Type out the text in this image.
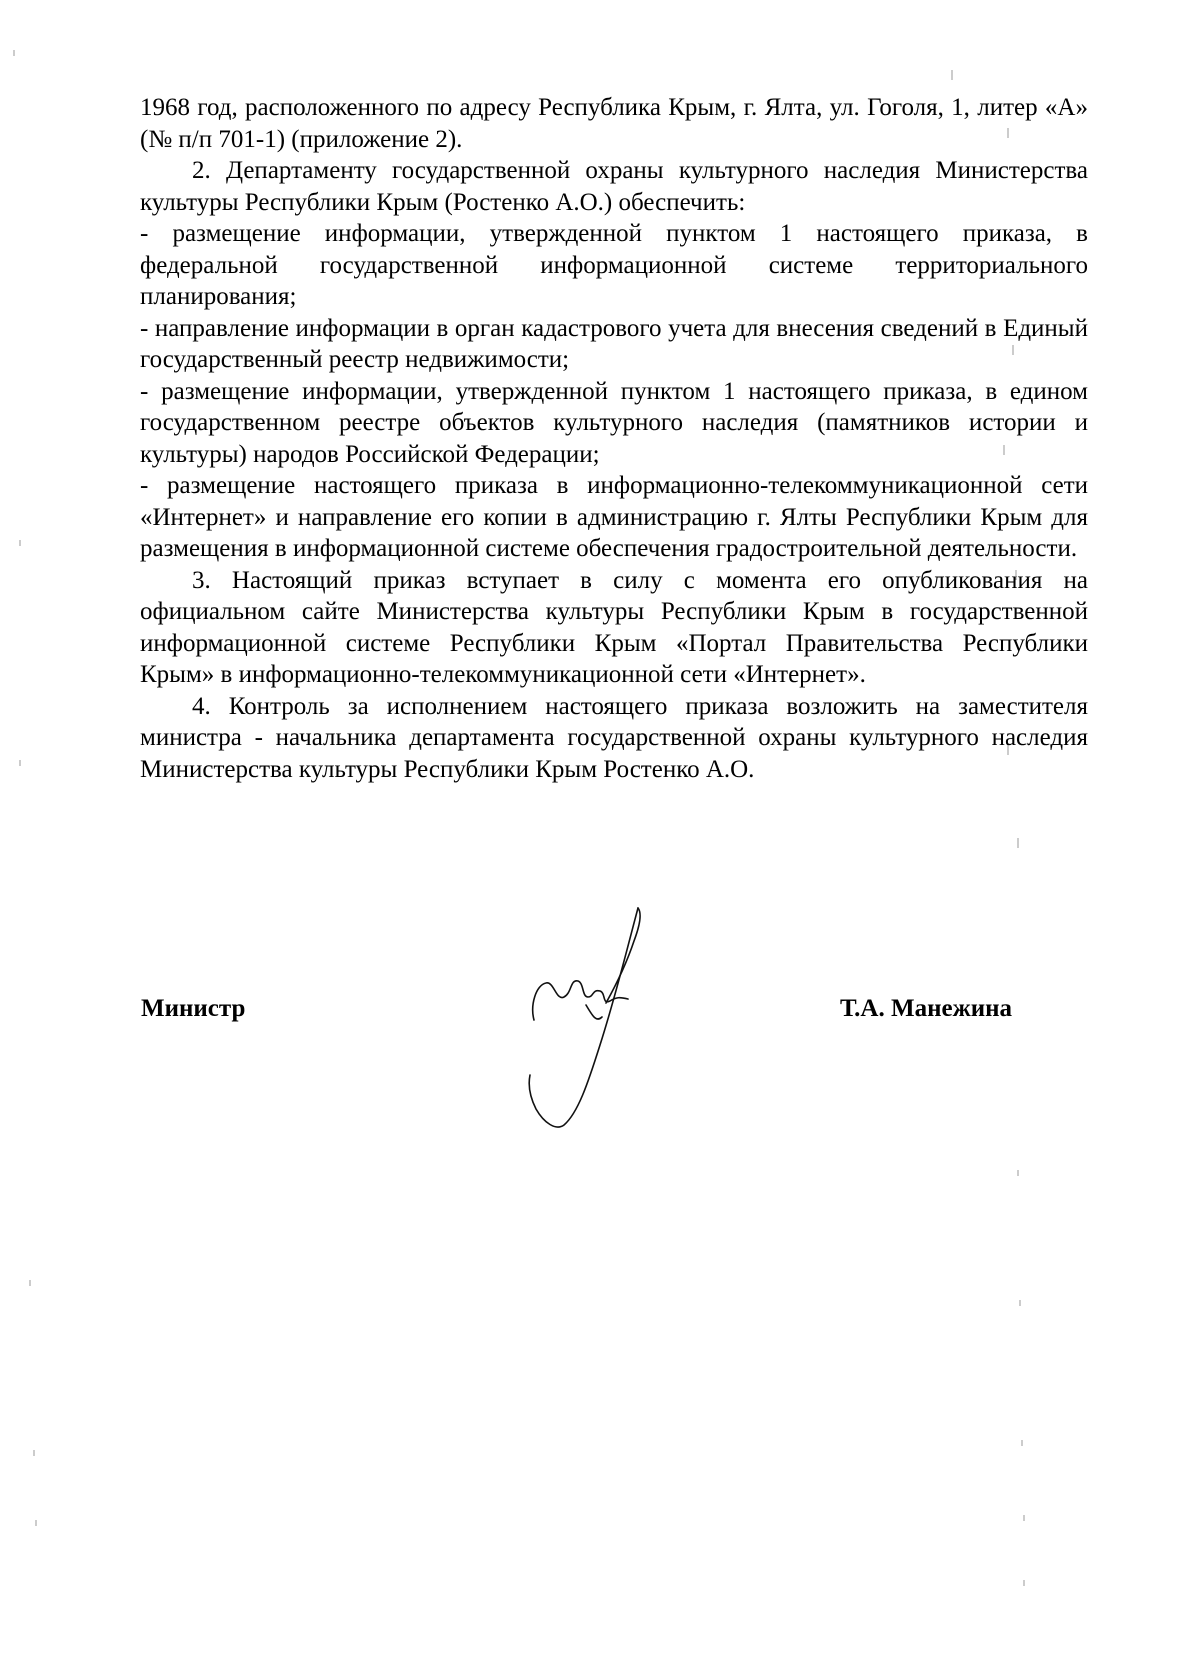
1968 год, расположенного по адресу Республика Крым, г. Ялта, ул. Гоголя, 1, литер «А» (№ п/п 701-1) (приложение 2).

2. Департаменту государственной охраны культурного наследия Министерства культуры Республики Крым (Ростенко А.О.) обеспечить:

- размещение информации, утвержденной пунктом 1 настоящего приказа, в федеральной государственной информационной системе территориального планирования;

- направление информации в орган кадастрового учета для внесения сведений в Единый государственный реестр недвижимости;

- размещение информации, утвержденной пунктом 1 настоящего приказа, в едином государственном реестре объектов культурного наследия (памятников истории и культуры) народов Российской Федерации;

- размещение настоящего приказа в информационно-телекоммуникационной сети «Интернет» и направление его копии в администрацию г. Ялты Республики Крым для размещения в информационной системе обеспечения градостроительной деятельности.

3. Настоящий приказ вступает в силу с момента его опубликования на официальном сайте Министерства культуры Республики Крым в государственной информационной системе Республики Крым «Портал Правительства Республики Крым» в информационно-телекоммуникационной сети «Интернет».

4. Контроль за исполнением настоящего приказа возложить на заместителя министра - начальника департамента государственной охраны культурного наследия Министерства культуры Республики Крым Ростенко А.О.

Министр	Т.А. Манежина
